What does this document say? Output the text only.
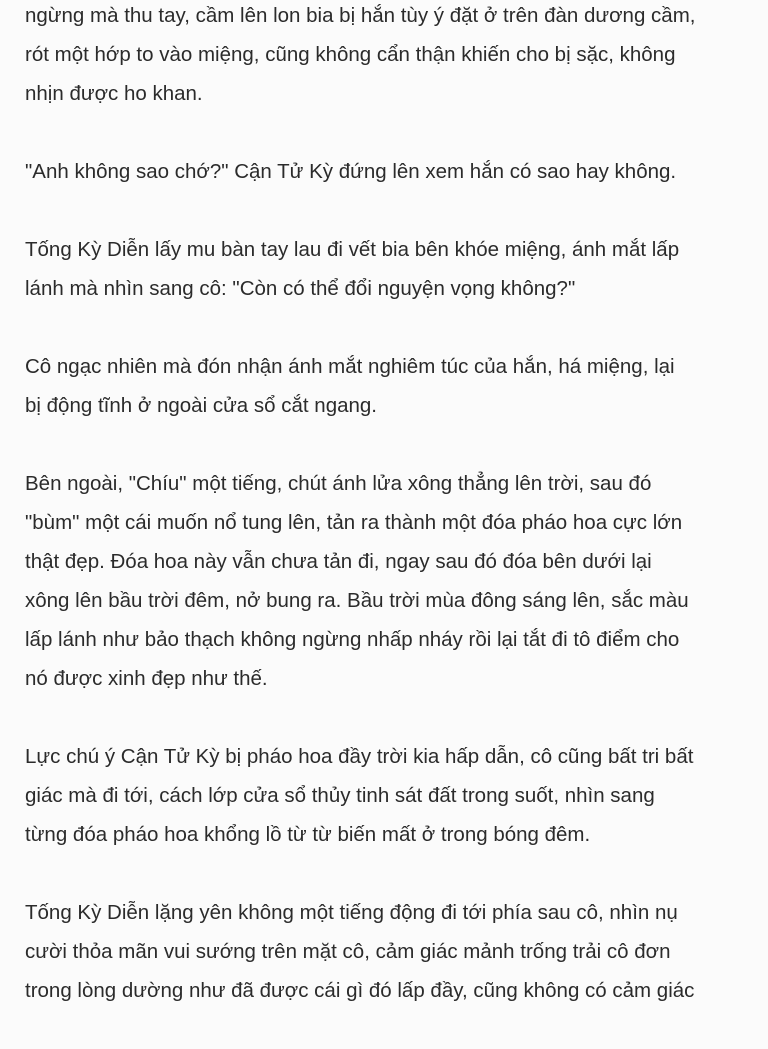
ngừng mà thu tay, cầm lên lon bia bị hắn tùy ý đặt ở trên đàn dương cầm,
rót một hớp to vào miệng, cũng không cẩn thận khiến cho bị sặc, không
nhịn được ho khan.

"Anh không sao chớ?" Cận Tử Kỳ đứng lên xem hắn có sao hay không.

Tống Kỳ Diễn lấy mu bàn tay lau đi vết bia bên khóe miệng, ánh mắt lấp
lánh mà nhìn sang cô: "Còn có thể đổi nguyện vọng không?"

Cô ngạc nhiên mà đón nhận ánh mắt nghiêm túc của hắn, há miệng, lại
bị động tĩnh ở ngoài cửa sổ cắt ngang.

Bên ngoài, "Chíu" một tiếng, chút ánh lửa xông thẳng lên trời, sau đó
"bùm" một cái muốn nổ tung lên, tản ra thành một đóa pháo hoa cực lớn
thật đẹp. Đóa hoa này vẫn chưa tản đi, ngay sau đó đóa bên dưới lại
xông lên bầu trời đêm, nở bung ra. Bầu trời mùa đông sáng lên, sắc màu
lấp lánh như bảo thạch không ngừng nhấp nháy rồi lại tắt đi tô điểm cho
nó được xinh đẹp như thế.

Lực chú ý Cận Tử Kỳ bị pháo hoa đầy trời kia hấp dẫn, cô cũng bất tri bất
giác mà đi tới, cách lớp cửa sổ thủy tinh sát đất trong suốt, nhìn sang
từng đóa pháo hoa khổng lồ từ từ biến mất ở trong bóng đêm.

Tống Kỳ Diễn lặng yên không một tiếng động đi tới phía sau cô, nhìn nụ
cười thỏa mãn vui sướng trên mặt cô, cảm giác mảnh trống trải cô đơn
trong lòng dường như đã được cái gì đó lấp đầy, cũng không có cảm giác
